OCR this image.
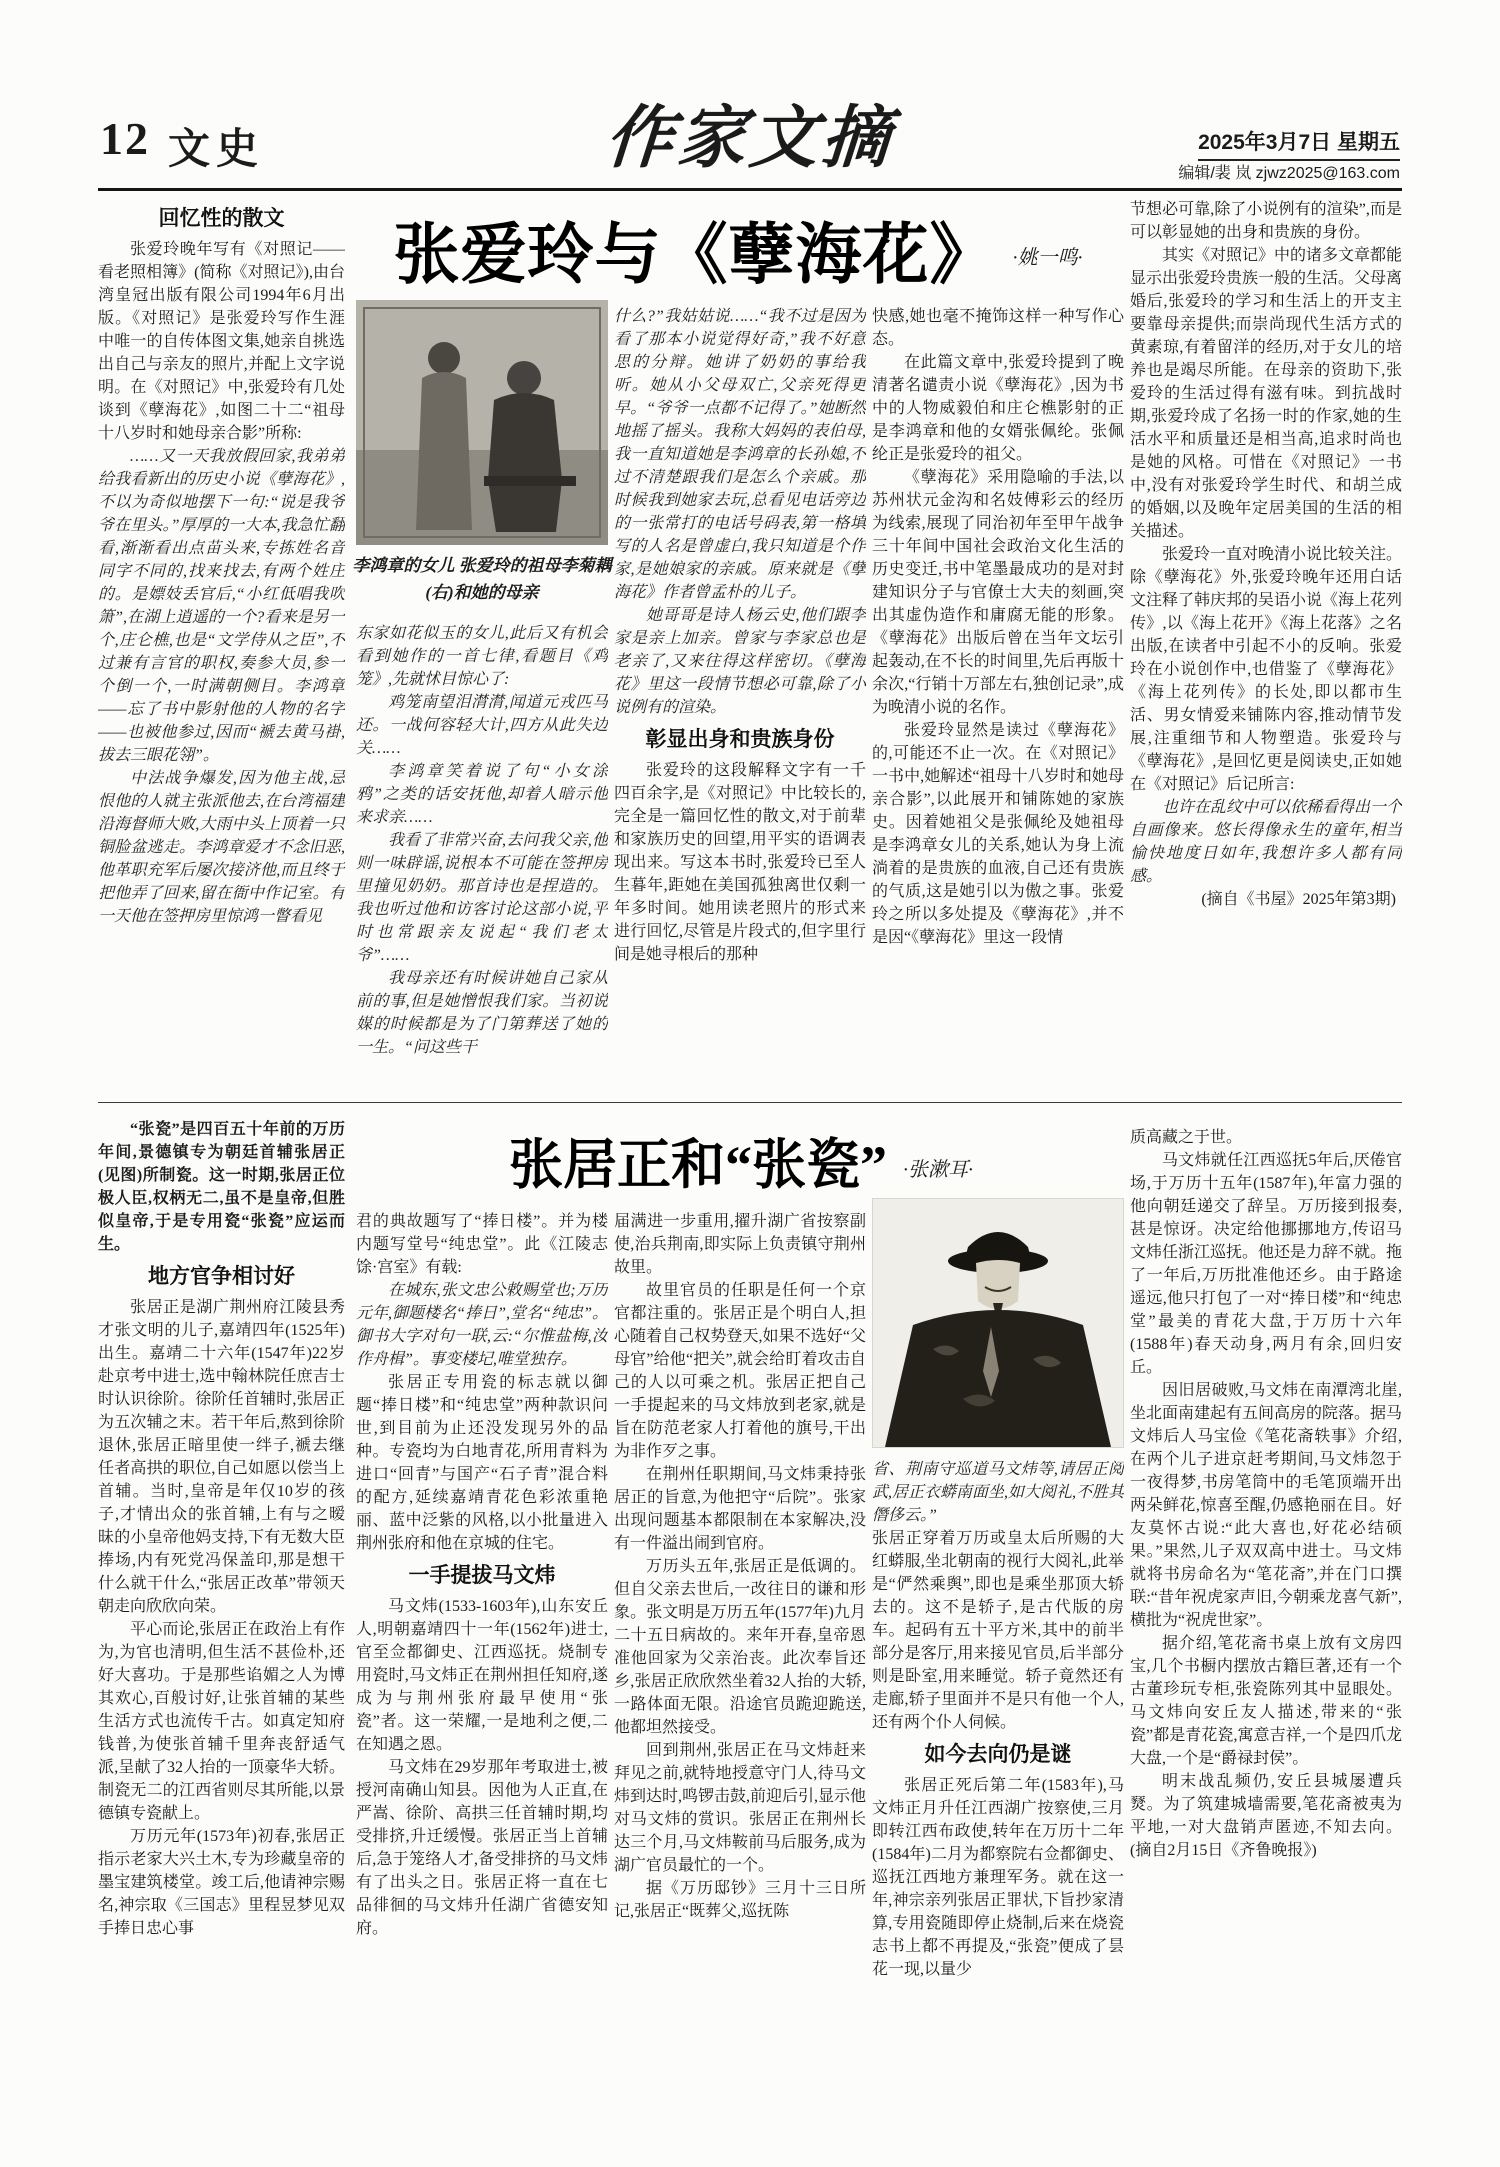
12 文史	作家文摘	2025年3月7日 星期五
编辑/裴 岚 zjwz2025@163.com
张爱玲与《孽海花》 ·姚一鸣·
回忆性的散文
张爱玲晚年写有《对照记——看老照相簿》(简称《对照记》),由台湾皇冠出版有限公司1994年6月出版。《对照记》是张爱玲写作生涯中唯一的自传体图文集,她亲自挑选出自己与亲友的照片,并配上文字说明。在《对照记》中,张爱玲有几处谈到《孽海花》,如图二十二“祖母十八岁时和她母亲合影”所称:
……又一天我放假回家,我弟弟给我看新出的历史小说《孽海花》,不以为奇似地摆下一句:“说是我爷爷在里头。”厚厚的一大本,我急忙翻看,渐渐看出点苗头来,专拣姓名音同字不同的,找来找去,有两个姓庄的。是嫖妓丢官后,“小红低唱我吹箫”,在湖上逍遥的一个?看来是另一个,庄仑樵,也是“文学侍从之臣”,不过兼有言官的职权,奏参大员,参一个倒一个,一时满朝侧目。李鸿章——忘了书中影射他的人物的名字——也被他参过,因而“褫去黄马褂,拔去三眼花翎”。
中法战争爆发,因为他主战,忌恨他的人就主张派他去,在台湾福建沿海督师大败,大雨中头上顶着一只铜脸盆逃走。李鸿章爱才不念旧恶,他革职充军后屡次接济他,而且终于把他弄了回来,留在衙中作记室。有一天他在签押房里惊鸿一瞥看见
李鸿章的女儿 张爱玲的祖母李菊耦(右)和她的母亲
东家如花似玉的女儿,此后又有机会看到她作的一首七律,看题目《鸡笼》,先就怵目惊心了:
鸡笼南望泪潸潸,闻道元戎匹马还。一战何容轻大计,四方从此失边关……
李鸿章笑着说了句“小女涂鸦”之类的话安抚他,却着人暗示他来求亲……
我看了非常兴奋,去问我父亲,他则一味辟谣,说根本不可能在签押房里撞见奶奶。那首诗也是捏造的。我也听过他和访客讨论这部小说,平时也常跟亲友说起“我们老太爷”……
我母亲还有时候讲她自己家从前的事,但是她憎恨我们家。当初说媒的时候都是为了门第葬送了她的一生。“问这些干
什么?”我姑姑说……“我不过是因为看了那本小说觉得好奇,”我不好意思的分辩。她讲了奶奶的事给我听。她从小父母双亡,父亲死得更早。“爷爷一点都不记得了。”她断然地摇了摇头。我称大妈妈的表伯母,我一直知道她是李鸿章的长孙媳,不过不清楚跟我们是怎么个亲戚。那时候我到她家去玩,总看见电话旁边的一张常打的电话号码表,第一格填写的人名是曾虚白,我只知道是个作家,是她娘家的亲戚。原来就是《孽海花》作者曾孟朴的儿子。
她哥哥是诗人杨云史,他们跟李家是亲上加亲。曾家与李家总也是老亲了,又来往得这样密切。《孽海花》里这一段情节想必可靠,除了小说例有的渲染。
彰显出身和贵族身份
张爱玲的这段解释文字有一千四百余字,是《对照记》中比较长的,完全是一篇回忆性的散文,对于前辈和家族历史的回望,用平实的语调表现出来。写这本书时,张爱玲已至人生暮年,距她在美国孤独离世仅剩一年多时间。她用读老照片的形式来进行回忆,尽管是片段式的,但字里行间是她寻根后的那种
快感,她也毫不掩饰这样一种写作心态。
在此篇文章中,张爱玲提到了晚清著名谴责小说《孽海花》,因为书中的人物威毅伯和庄仑樵影射的正是李鸿章和他的女婿张佩纶。张佩纶正是张爱玲的祖父。
《孽海花》采用隐喻的手法,以苏州状元金沟和名妓傅彩云的经历为线索,展现了同治初年至甲午战争三十年间中国社会政治文化生活的历史变迁,书中笔墨最成功的是对封建知识分子与官僚士大夫的刻画,突出其虚伪造作和庸腐无能的形象。《孽海花》出版后曾在当年文坛引起轰动,在不长的时间里,先后再版十余次,“行销十万部左右,独创记录”,成为晚清小说的名作。
张爱玲显然是读过《孽海花》的,可能还不止一次。在《对照记》一书中,她解述“祖母十八岁时和她母亲合影”,以此展开和铺陈她的家族史。因着她祖父是张佩纶及她祖母是李鸿章女儿的关系,她认为身上流淌着的是贵族的血液,自己还有贵族的气质,这是她引以为傲之事。张爱玲之所以多处提及《孽海花》,并不是因“《孽海花》里这一段情
节想必可靠,除了小说例有的渲染”,而是可以彰显她的出身和贵族的身份。
其实《对照记》中的诸多文章都能显示出张爱玲贵族一般的生活。父母离婚后,张爱玲的学习和生活上的开支主要靠母亲提供;而崇尚现代生活方式的黄素琼,有着留洋的经历,对于女儿的培养也是竭尽所能。在母亲的资助下,张爱玲的生活过得有滋有味。到抗战时期,张爱玲成了名扬一时的作家,她的生活水平和质量还是相当高,追求时尚也是她的风格。可惜在《对照记》一书中,没有对张爱玲学生时代、和胡兰成的婚姻,以及晚年定居美国的生活的相关描述。
张爱玲一直对晚清小说比较关注。除《孽海花》外,张爱玲晚年还用白话文注释了韩庆邦的吴语小说《海上花列传》,以《海上花开》《海上花落》之名出版,在读者中引起不小的反响。张爱玲在小说创作中,也借鉴了《孽海花》《海上花列传》的长处,即以都市生活、男女情爱来铺陈内容,推动情节发展,注重细节和人物塑造。张爱玲与《孽海花》,是回忆更是阅读史,正如她在《对照记》后记所言:
也许在乱纹中可以依稀看得出一个自画像来。悠长得像永生的童年,相当愉快地度日如年,我想许多人都有同感。
(摘自《书屋》2025年第3期)
张居正和“张瓷” ·张漱耳·
“张瓷”是四百五十年前的万历年间,景德镇专为朝廷首辅张居正(见图)所制瓷。这一时期,张居正位极人臣,权柄无二,虽不是皇帝,但胜似皇帝,于是专用瓷“张瓷”应运而生。
地方官争相讨好
张居正是湖广荆州府江陵县秀才张文明的儿子,嘉靖四年(1525年)出生。嘉靖二十六年(1547年)22岁赴京考中进士,选中翰林院任庶吉士时认识徐阶。徐阶任首辅时,张居正为五次辅之末。若干年后,熬到徐阶退休,张居正暗里使一绊子,褫去继任者高拱的职位,自己如愿以偿当上首辅。当时,皇帝是年仅10岁的孩子,才情出众的张首辅,上有与之暧昧的小皇帝他妈支持,下有无数大臣捧场,内有死党冯保盖印,那是想干什么就干什么,“张居正改革”带领天朝走向欣欣向荣。
平心而论,张居正在政治上有作为,为官也清明,但生活不甚俭朴,还好大喜功。于是那些谄媚之人为博其欢心,百般讨好,让张首辅的某些生活方式也流传千古。如真定知府钱普,为使张首辅千里奔丧舒适气派,呈献了32人抬的一顶豪华大轿。制瓷无二的江西省则尽其所能,以景德镇专瓷献上。
万历元年(1573年)初春,张居正指示老家大兴土木,专为珍藏皇帝的墨宝建筑楼堂。竣工后,他请神宗赐名,神宗取《三国志》里程昱梦见双手捧日忠心事
君的典故题写了“捧日楼”。并为楼内题写堂号“纯忠堂”。此《江陵志馀·宫室》有载:
在城东,张文忠公敕赐堂也;万历元年,御题楼名“捧日”,堂名“纯忠”。御书大字对句一联,云:“尔惟盐梅,汝作舟楫”。事变楼圮,唯堂独存。
张居正专用瓷的标志就以御题“捧日楼”和“纯忠堂”两种款识问世,到目前为止还没发现另外的品种。专瓷均为白地青花,所用青料为进口“回青”与国产“石子青”混合料的配方,延续嘉靖青花色彩浓重艳丽、蓝中泛紫的风格,以小批量进入荆州张府和他在京城的住宅。
一手提拔马文炜
马文炜(1533-1603年),山东安丘人,明朝嘉靖四十一年(1562年)进士,官至佥都御史、江西巡抚。烧制专用瓷时,马文炜正在荆州担任知府,遂成为与荆州张府最早使用“张瓷”者。这一荣耀,一是地利之便,二在知遇之恩。
马文炜在29岁那年考取进士,被授河南确山知县。因他为人正直,在严嵩、徐阶、高拱三任首辅时期,均受排挤,升迁缓慢。张居正当上首辅后,急于笼络人才,备受排挤的马文炜有了出头之日。张居正将一直在七品徘徊的马文炜升任湖广省德安知府。
届满进一步重用,擢升湖广省按察副使,治兵荆南,即实际上负责镇守荆州故里。
故里官员的任职是任何一个京官都注重的。张居正是个明白人,担心随着自己权势登天,如果不选好“父母官”给他“把关”,就会给盯着攻击自己的人以可乘之机。张居正把自己一手提起来的马文炜放到老家,就是旨在防范老家人打着他的旗号,干出为非作歹之事。
在荆州任职期间,马文炜秉持张居正的旨意,为他把守“后院”。张家出现问题基本都限制在本家解决,没有一件溢出闹到官府。
万历头五年,张居正是低调的。但自父亲去世后,一改往日的谦和形象。张文明是万历五年(1577年)九月二十五日病故的。来年开春,皇帝恩准他回家为父亲治丧。此次奉旨还乡,张居正欣欣然坐着32人抬的大轿,一路体面无限。沿途官员跪迎跪送,他都坦然接受。
回到荆州,张居正在马文炜赶来拜见之前,就特地授意守门人,待马文炜到达时,鸣锣击鼓,前迎后引,显示他对马文炜的赏识。张居正在荆州长达三个月,马文炜鞍前马后服务,成为湖广官员最忙的一个。
据《万历邸钞》三月十三日所记,张居正“既葬父,巡抚陈
省、荆南守巡道马文炜等,请居正阅武,居正衣蟒南面坐,如大阅礼,不胜其僭侈云。”
张居正穿着万历或皇太后所赐的大红蟒服,坐北朝南的视行大阅礼,此举是“俨然乘舆”,即也是乘坐那顶大轿去的。这不是轿子,是古代版的房车。起码有五十平方米,其中的前半部分是客厅,用来接见官员,后半部分则是卧室,用来睡觉。轿子竟然还有走廊,轿子里面并不是只有他一个人,还有两个仆人伺候。
如今去向仍是谜
张居正死后第二年(1583年),马文炜正月升任江西湖广按察使,三月即转江西布政使,转年在万历十二年(1584年)二月为都察院右佥都御史、巡抚江西地方兼理军务。就在这一年,神宗亲列张居正罪状,下旨抄家清算,专用瓷随即停止烧制,后来在烧瓷志书上都不再提及,“张瓷”便成了昙花一现,以量少
质高藏之于世。
马文炜就任江西巡抚5年后,厌倦官场,于万历十五年(1587年),年富力强的他向朝廷递交了辞呈。万历接到报奏,甚是惊讶。决定给他挪挪地方,传诏马文炜任浙江巡抚。他还是力辞不就。拖了一年后,万历批准他还乡。由于路途遥远,他只打包了一对“捧日楼”和“纯忠堂”最美的青花大盘,于万历十六年(1588年)春天动身,两月有余,回归安丘。
因旧居破败,马文炜在南潭湾北崖,坐北面南建起有五间高房的院落。据马文炜后人马宝俭《笔花斋轶事》介绍,在两个儿子进京赶考期间,马文炜忽于一夜得梦,书房笔筒中的毛笔顶端开出两朵鲜花,惊喜至醒,仍感艳丽在目。好友莫怀古说:“此大喜也,好花必结硕果。”果然,儿子双双高中进士。马文炜就将书房命名为“笔花斋”,并在门口撰联:“昔年祝虎家声旧,今朝乘龙喜气新”,横批为“祝虎世家”。
据介绍,笔花斋书桌上放有文房四宝,几个书橱内摆放古籍巨著,还有一个古董珍玩专柜,张瓷陈列其中显眼处。马文炜向安丘友人描述,带来的“张瓷”都是青花瓷,寓意吉祥,一个是四爪龙大盘,一个是“爵禄封侯”。
明末战乱频仍,安丘县城屡遭兵燹。为了筑建城墙需要,笔花斋被夷为平地,一对大盘销声匿迹,不知去向。 (摘自2月15日《齐鲁晚报》)
